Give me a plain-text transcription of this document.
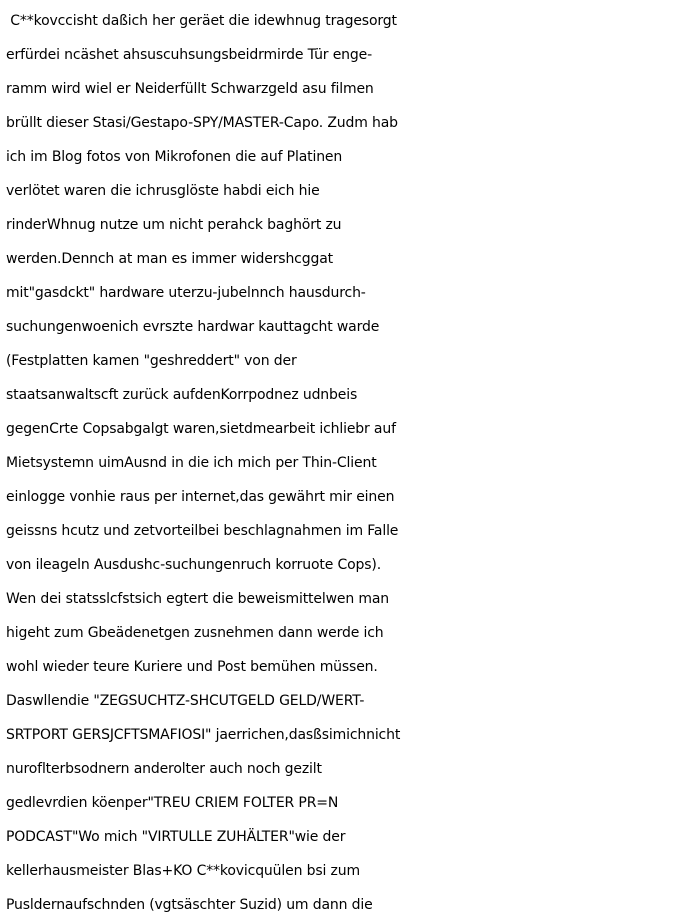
C**kovccisht daßich her geräet die idewhnug tragesorgt
erfürdei ncäshet ahsuscuhsungsbeidrmirde Tür enge-
ramm wird wiel er Neiderfüllt Schwarzgeld asu filmen
brüllt dieser Stasi/Gestapo-SPY/MASTER-Capo. Zudm hab
ich im Blog fotos von Mikrofonen die auf Platinen
verlötet waren die ichrusglöste habdi eich hie
rinderWhnug nutze um nicht perahck baghört zu
werden.Dennch at man es immer widershcggat
mit"gasdckt" hardware uterzu-jubelnnch hausdurch-
suchungenwoenich evrszte hardwar kauttagcht warde
(Festplatten kamen "geshreddert" von der
staatsanwaltscft zurück aufdenKorrpodnez udnbeis
gegenCrte Copsabgalgt waren,sietdmearbeit ichliebr auf
Mietsystemn uimAusnd in die ich mich per Thin-Client
einlogge vonhie raus per internet,das gewährt mir einen
geissns hcutz und zetvorteilbei beschlagnahmen im Falle
von ileageln Ausdushc-suchungenruch korruote Cops).
Wen dei statsslcfstsich egtert die beweismittelwen man
higeht zum Gbeädenetgen zusnehmen dann werde ich
wohl wieder teure Kuriere und Post bemühen müssen.
Daswllendie "ZEGSUCHTZ-SHCUTGELD GELD/WERT-
SRTPORT GERSJCFTSMAFIOSI" jaerrichen,dasßsimichnicht
nuroflterbsodnern anderolter auch noch gezilt
gedlevrdien köenper"TREU CRIEM FOLTER PR=N
PODCAST"Wo mich "VIRTULLE ZUHÄLTER"wie der
kellerhausmeister Blas+KO C**kovicquülen bsi zum
Pusldernaufschnden (vgtsäschter Suzid) um dann die
